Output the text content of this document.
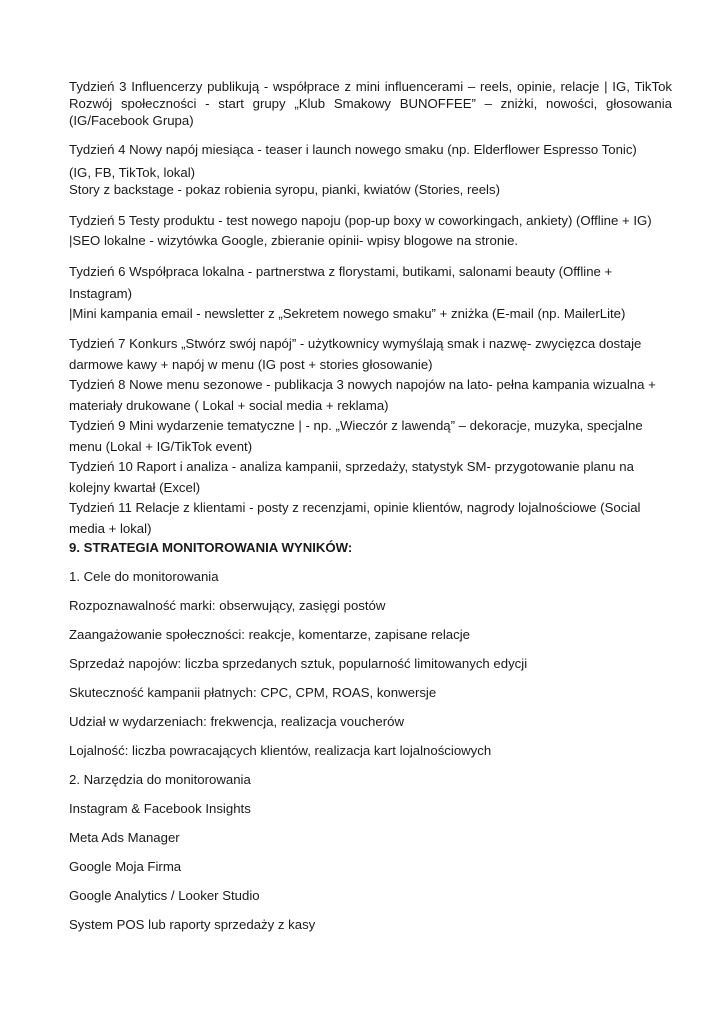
Tydzień 3 Influencerzy publikują - współprace z mini influencerami – reels, opinie, relacje | IG, TikTok Rozwój społeczności - start grupy „Klub Smakowy BUNOFFEE” – zniżki, nowości, głosowania (IG/Facebook Grupa)

Tydzień 4 Nowy napój miesiąca - teaser i launch nowego smaku (np. Elderflower Espresso Tonic)

(IG, FB, TikTok, lokal)

Story z backstage - pokaz robienia syropu, pianki, kwiatów (Stories, reels)

Tydzień 5 Testy produktu - test nowego napoju (pop-up boxy w coworkingach, ankiety) (Offline + IG)

|SEO lokalne - wizytówka Google, zbieranie opinii- wpisy blogowe na stronie.

Tydzień 6 Współpraca lokalna - partnerstwa z florystami, butikami, salonami beauty (Offline + Instagram)

|Mini kampania email - newsletter z „Sekretem nowego smaku” + zniżka (E-mail (np. MailerLite)

Tydzień 7 Konkurs „Stwórz swój napój” - użytkownicy wymyślają smak i nazwę- zwycięzca dostaje darmowe kawy + napój w menu (IG post + stories głosowanie)

Tydzień 8 Nowe menu sezonowe - publikacja 3 nowych napojów na lato- pełna kampania wizualna + materiały drukowane ( Lokal + social media + reklama)

Tydzień 9 Mini wydarzenie tematyczne | - np. „Wieczór z lawendą” – dekoracje, muzyka, specjalne menu (Lokal + IG/TikTok event)

Tydzień 10 Raport i analiza - analiza kampanii, sprzedaży, statystyk SM- przygotowanie planu na kolejny kwartał (Excel)

Tydzień 11 Relacje z klientami - posty z recenzjami, opinie klientów, nagrody lojalnościowe (Social media + lokal)

9. STRATEGIA MONITOROWANIA WYNIKÓW:

1. Cele do monitorowania

Rozpoznawalność marki: obserwujący, zasięgi postów

Zaangażowanie społeczności: reakcje, komentarze, zapisane relacje

Sprzedaż napojów: liczba sprzedanych sztuk, popularność limitowanych edycji

Skuteczność kampanii płatnych: CPC, CPM, ROAS, konwersje

Udział w wydarzeniach: frekwencja, realizacja voucherów

Lojalność: liczba powracających klientów, realizacja kart lojalnościowych

2. Narzędzia do monitorowania

Instagram & Facebook Insights

Meta Ads Manager

Google Moja Firma

Google Analytics / Looker Studio

System POS lub raporty sprzedaży z kasy
